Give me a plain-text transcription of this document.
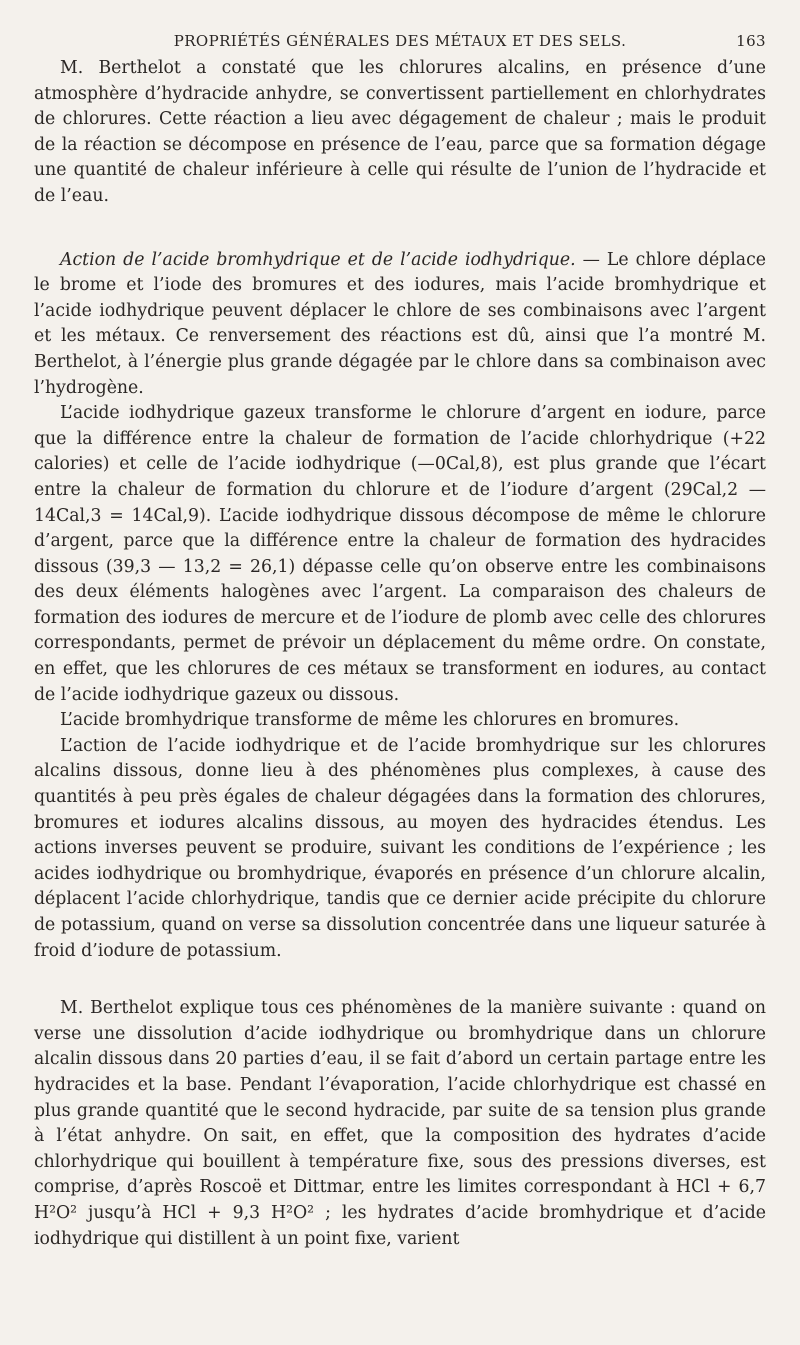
PROPRIÉTÉS GÉNÉRALES DES MÉTAUX ET DES SELS.	163

M. Berthelot a constaté que les chlorures alcalins, en présence d’une atmosphère d’hydracide anhydre, se convertissent partiellement en chlorhydrates de chlorures. Cette réaction a lieu avec dégagement de chaleur ; mais le produit de la réaction se décompose en présence de l’eau, parce que sa formation dégage une quantité de chaleur inférieure à celle qui résulte de l’union de l’hydracide et de l’eau.

Action de l’acide bromhydrique et de l’acide iodhydrique. — Le chlore déplace le brome et l’iode des bromures et des iodures, mais l’acide bromhydrique et l’acide iodhydrique peuvent déplacer le chlore de ses combinaisons avec l’argent et les métaux. Ce renversement des réactions est dû, ainsi que l’a montré M. Berthelot, à l’énergie plus grande dégagée par le chlore dans sa combinaison avec l’hydrogène.

L’acide iodhydrique gazeux transforme le chlorure d’argent en iodure, parce que la différence entre la chaleur de formation de l’acide chlorhydrique (+22 calories) et celle de l’acide iodhydrique (—0Cal,8), est plus grande que l’écart entre la chaleur de formation du chlorure et de l’iodure d’argent (29Cal,2 — 14Cal,3 = 14Cal,9). L’acide iodhydrique dissous décompose de même le chlorure d’argent, parce que la différence entre la chaleur de formation des hydracides dissous (39,3 — 13,2 = 26,1) dépasse celle qu’on observe entre les combinaisons des deux éléments halogènes avec l’argent. La comparaison des chaleurs de formation des iodures de mercure et de l’iodure de plomb avec celle des chlorures correspondants, permet de prévoir un déplacement du même ordre. On constate, en effet, que les chlorures de ces métaux se transforment en iodures, au contact de l’acide iodhydrique gazeux ou dissous.

L’acide bromhydrique transforme de même les chlorures en bromures.

L’action de l’acide iodhydrique et de l’acide bromhydrique sur les chlorures alcalins dissous, donne lieu à des phénomènes plus complexes, à cause des quantités à peu près égales de chaleur dégagées dans la formation des chlorures, bromures et iodures alcalins dissous, au moyen des hydracides étendus. Les actions inverses peuvent se produire, suivant les conditions de l’expérience ; les acides iodhydrique ou bromhydrique, évaporés en présence d’un chlorure alcalin, déplacent l’acide chlorhydrique, tandis que ce dernier acide précipite du chlorure de potassium, quand on verse sa dissolution concentrée dans une liqueur saturée à froid d’iodure de potassium.

M. Berthelot explique tous ces phénomènes de la manière suivante : quand on verse une dissolution d’acide iodhydrique ou bromhydrique dans un chlorure alcalin dissous dans 20 parties d’eau, il se fait d’abord un certain partage entre les hydracides et la base. Pendant l’évaporation, l’acide chlorhydrique est chassé en plus grande quantité que le second hydracide, par suite de sa tension plus grande à l’état anhydre. On sait, en effet, que la composition des hydrates d’acide chlorhydrique qui bouillent à température fixe, sous des pressions diverses, est comprise, d’après Roscoë et Dittmar, entre les limites correspondant à HCl + 6,7 H²O² jusqu’à HCl + 9,3 H²O² ; les hydrates d’acide bromhydrique et d’acide iodhydrique qui distillent à un point fixe, varient
